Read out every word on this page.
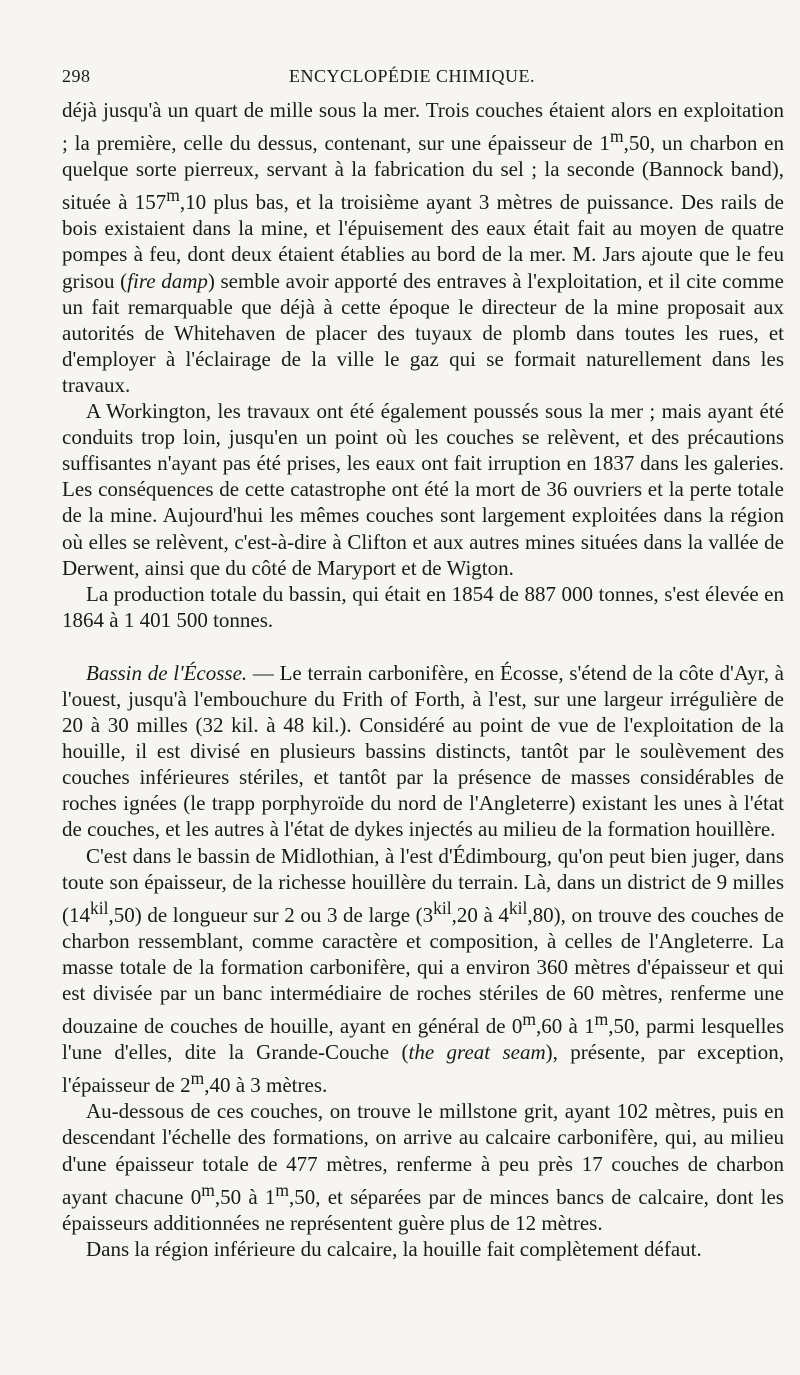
298	ENCYCLOPÉDIE CHIMIQUE.

déjà jusqu'à un quart de mille sous la mer. Trois couches étaient alors en exploitation ; la première, celle du dessus, contenant, sur une épaisseur de 1$^m$,50, un charbon en quelque sorte pierreux, servant à la fabrication du sel ; la seconde (Bannock band), située à 157$^m$,10 plus bas, et la troisième ayant 3 mètres de puissance. Des rails de bois existaient dans la mine, et l'épuisement des eaux était fait au moyen de quatre pompes à feu, dont deux étaient établies au bord de la mer. M. Jars ajoute que le feu grisou (fire damp) semble avoir apporté des entraves à l'exploitation, et il cite comme un fait remarquable que déjà à cette époque le directeur de la mine proposait aux autorités de Whitehaven de placer des tuyaux de plomb dans toutes les rues, et d'employer à l'éclairage de la ville le gaz qui se formait naturellement dans les travaux.

A Workington, les travaux ont été également poussés sous la mer ; mais ayant été conduits trop loin, jusqu'en un point où les couches se relèvent, et des précautions suffisantes n'ayant pas été prises, les eaux ont fait irruption en 1837 dans les galeries. Les conséquences de cette catastrophe ont été la mort de 36 ouvriers et la perte totale de la mine. Aujourd'hui les mêmes couches sont largement exploitées dans la région où elles se relèvent, c'est-à-dire à Clifton et aux autres mines situées dans la vallée de Derwent, ainsi que du côté de Maryport et de Wigton.

La production totale du bassin, qui était en 1854 de 887 000 tonnes, s'est élevée en 1864 à 1 401 500 tonnes.

Bassin de l'Écosse. — Le terrain carbonifère, en Écosse, s'étend de la côte d'Ayr, à l'ouest, jusqu'à l'embouchure du Frith of Forth, à l'est, sur une largeur irrégulière de 20 à 30 milles (32 kil. à 48 kil.). Considéré au point de vue de l'exploitation de la houille, il est divisé en plusieurs bassins distincts, tantôt par le soulèvement des couches inférieures stériles, et tantôt par la présence de masses considérables de roches ignées (le trapp porphyroïde du nord de l'Angleterre) existant les unes à l'état de couches, et les autres à l'état de dykes injectés au milieu de la formation houillère.

C'est dans le bassin de Midlothian, à l'est d'Édimbourg, qu'on peut bien juger, dans toute son épaisseur, de la richesse houillère du terrain. Là, dans un district de 9 milles $(14^{kil},50)$ de longueur sur 2 ou 3 de large ($3^{kil},20$ à $4^{kil},80$), on trouve des couches de charbon ressemblant, comme caractère et composition, à celles de l'Angleterre. La masse totale de la formation carbonifère, qui a environ 360 mètres d'épaisseur et qui est divisée par un banc intermédiaire de roches stériles de 60 mètres, renferme une douzaine de couches de houille, ayant en général de 0$^m$,60 à 1$^m$,50, parmi lesquelles l'une d'elles, dite la Grande-Couche (the great seam), présente, par exception, l'épaisseur de 2$^m$,40 à 3 mètres.

Au-dessous de ces couches, on trouve le millstone grit, ayant 102 mètres, puis en descendant l'échelle des formations, on arrive au calcaire carbonifère, qui, au milieu d'une épaisseur totale de 477 mètres, renferme à peu près 17 couches de charbon ayant chacune 0$^m$,50 à 1$^m$,50, et séparées par de minces bancs de calcaire, dont les épaisseurs additionnées ne représentent guère plus de 12 mètres.

Dans la région inférieure du calcaire, la houille fait complètement défaut.
